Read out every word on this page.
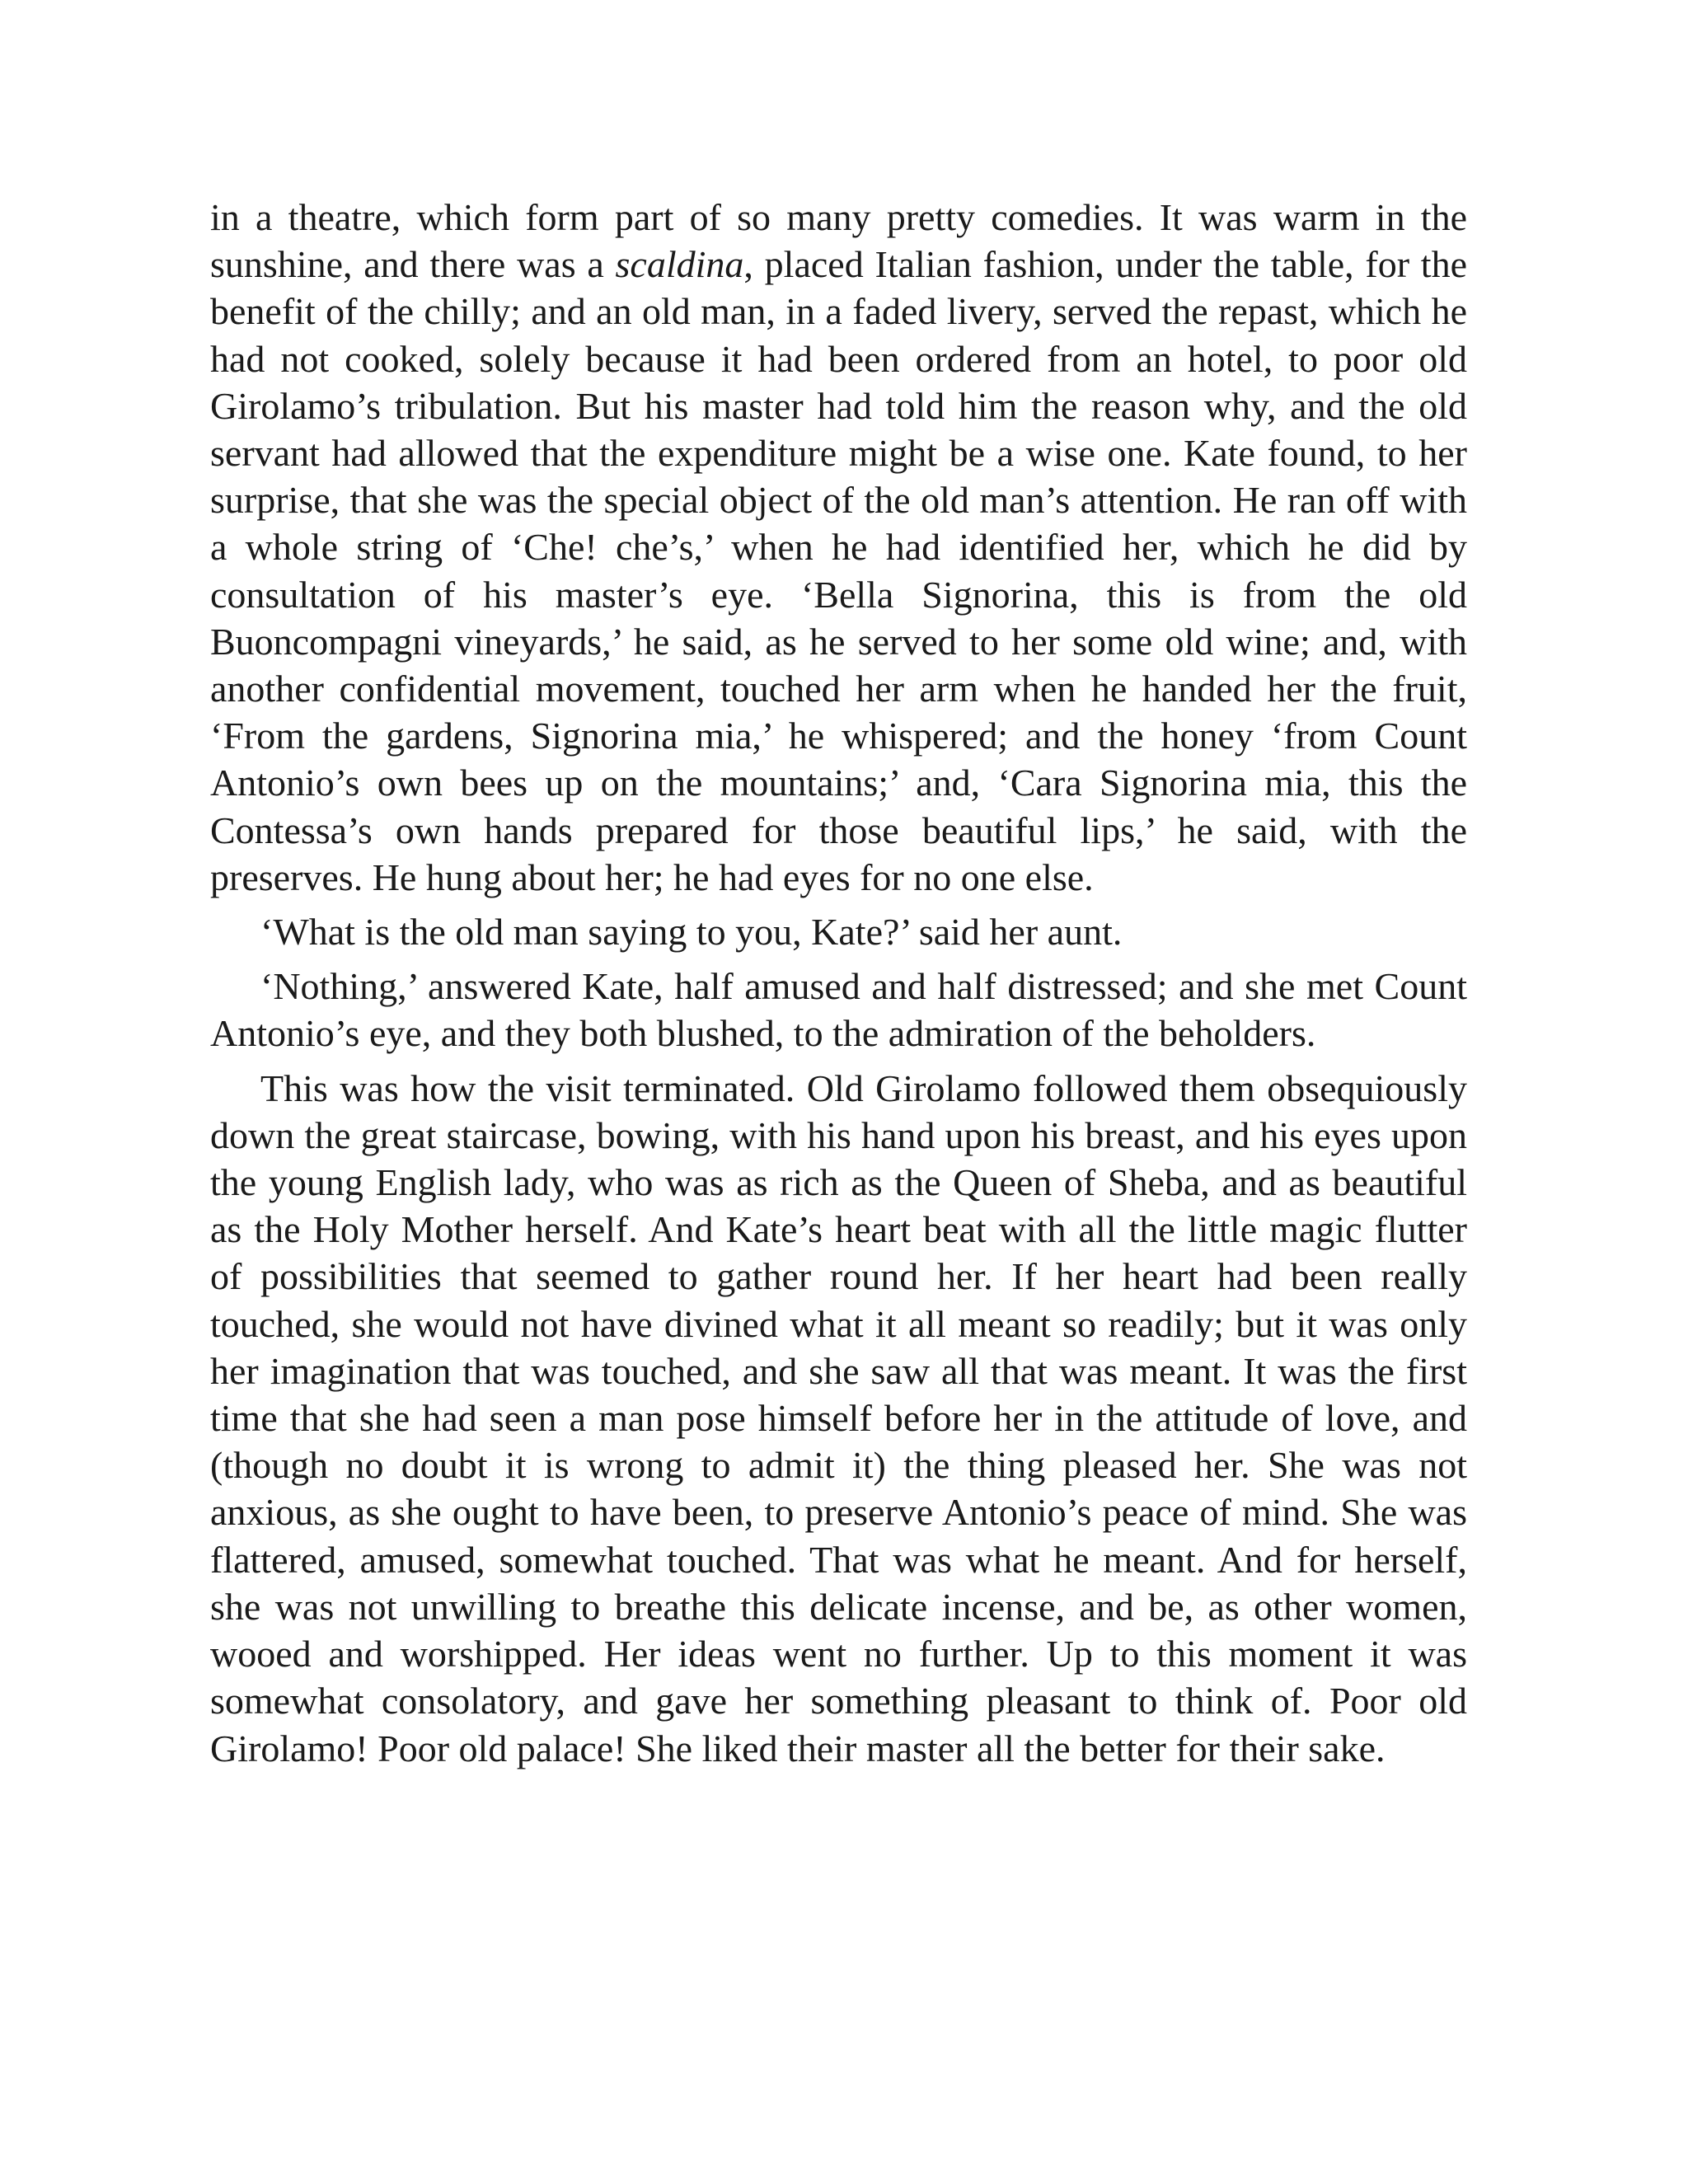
in a theatre, which form part of so many pretty comedies. It was warm in the sunshine, and there was a scaldina, placed Italian fashion, under the table, for the benefit of the chilly; and an old man, in a faded livery, served the repast, which he had not cooked, solely because it had been ordered from an hotel, to poor old Girolamo’s tribulation. But his master had told him the reason why, and the old servant had allowed that the expenditure might be a wise one. Kate found, to her surprise, that she was the special object of the old man’s attention. He ran off with a whole string of ‘Che! che’s,’ when he had identified her, which he did by consultation of his master’s eye. ‘Bella Signorina, this is from the old Buoncompagni vineyards,’ he said, as he served to her some old wine; and, with another confidential movement, touched her arm when he handed her the fruit, ‘From the gardens, Signorina mia,’ he whispered; and the honey ‘from Count Antonio’s own bees up on the mountains;’ and, ‘Cara Signorina mia, this the Contessa’s own hands prepared for those beautiful lips,’ he said, with the preserves. He hung about her; he had eyes for no one else.

‘What is the old man saying to you, Kate?’ said her aunt.

‘Nothing,’ answered Kate, half amused and half distressed; and she met Count Antonio’s eye, and they both blushed, to the admiration of the beholders.

This was how the visit terminated. Old Girolamo followed them obsequiously down the great staircase, bowing, with his hand upon his breast, and his eyes upon the young English lady, who was as rich as the Queen of Sheba, and as beautiful as the Holy Mother herself. And Kate’s heart beat with all the little magic flutter of possibilities that seemed to gather round her. If her heart had been really touched, she would not have divined what it all meant so readily; but it was only her imagination that was touched, and she saw all that was meant. It was the first time that she had seen a man pose himself before her in the attitude of love, and (though no doubt it is wrong to admit it) the thing pleased her. She was not anxious, as she ought to have been, to preserve Antonio’s peace of mind. She was flattered, amused, somewhat touched. That was what he meant. And for herself, she was not unwilling to breathe this delicate incense, and be, as other women, wooed and worshipped. Her ideas went no further. Up to this moment it was somewhat consolatory, and gave her something pleasant to think of. Poor old Girolamo! Poor old palace! She liked their master all the better for their sake.
